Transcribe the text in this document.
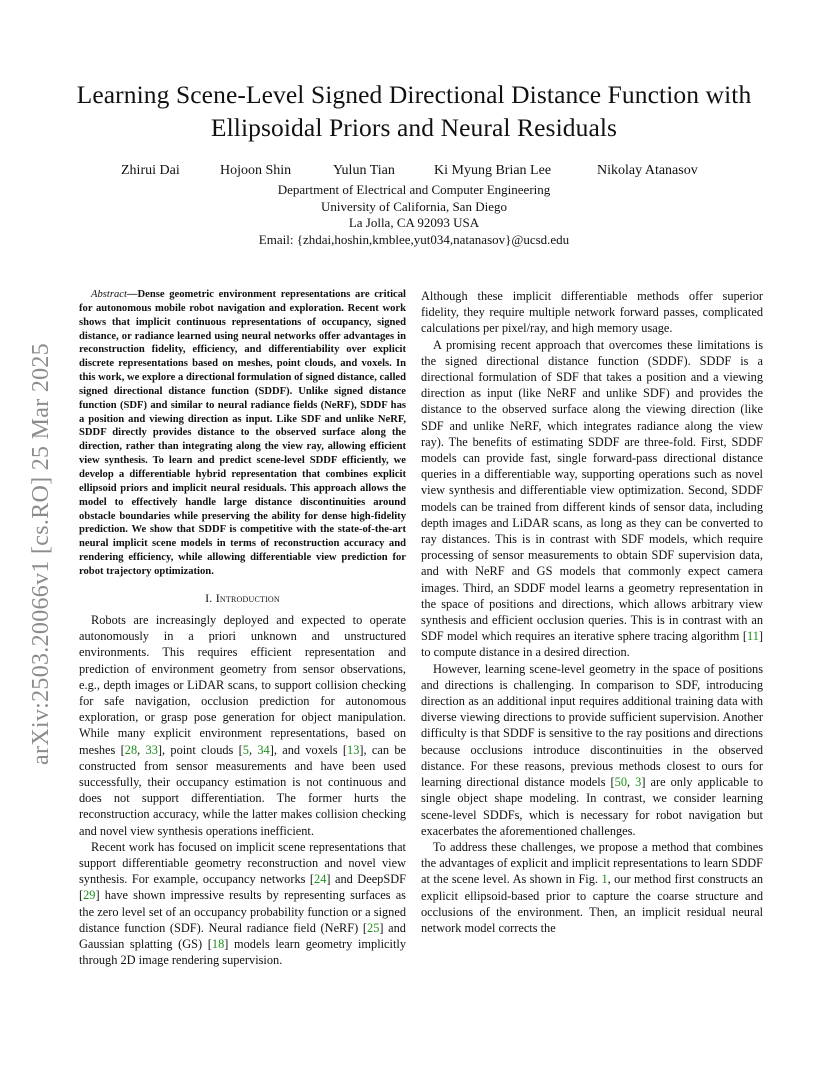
Learning Scene-Level Signed Directional Distance Function with Ellipsoidal Priors and Neural Residuals
Zhirui Dai	Hojoon Shin	Yulun Tian	Ki Myung Brian Lee	Nikolay Atanasov
Department of Electrical and Computer Engineering
University of California, San Diego
La Jolla, CA 92093 USA
Email: {zhdai,hoshin,kmblee,yut034,natanasov}@ucsd.edu
arXiv:2503.20066v1 [cs.RO] 25 Mar 2025

Abstract—Dense geometric environment representations are critical for autonomous mobile robot navigation and exploration. Recent work shows that implicit continuous representations of occupancy, signed distance, or radiance learned using neural networks offer advantages in reconstruction fidelity, efficiency, and differentiability over explicit discrete representations based on meshes, point clouds, and voxels. In this work, we explore a directional formulation of signed distance, called signed directional distance function (SDDF). Unlike signed distance function (SDF) and similar to neural radiance fields (NeRF), SDDF has a position and viewing direction as input. Like SDF and unlike NeRF, SDDF directly provides distance to the observed surface along the direction, rather than integrating along the view ray, allowing efficient view synthesis. To learn and predict scene-level SDDF efficiently, we develop a differentiable hybrid representation that combines explicit ellipsoid priors and implicit neural residuals. This approach allows the model to effectively handle large distance discontinuities around obstacle boundaries while preserving the ability for dense high-fidelity prediction. We show that SDDF is competitive with the state-of-the-art neural implicit scene models in terms of reconstruction accuracy and rendering efficiency, while allowing differentiable view prediction for robot trajectory optimization.

I. Introduction

Robots are increasingly deployed and expected to operate autonomously in a priori unknown and unstructured environments. This requires efficient representation and prediction of environment geometry from sensor observations, e.g., depth images or LiDAR scans, to support collision checking for safe navigation, occlusion prediction for autonomous exploration, or grasp pose generation for object manipulation. While many explicit environment representations, based on meshes [28, 33], point clouds [5, 34], and voxels [13], can be constructed from sensor measurements and have been used successfully, their occupancy estimation is not continuous and does not support differentiation. The former hurts the reconstruction accuracy, while the latter makes collision checking and novel view synthesis operations inefficient.

Recent work has focused on implicit scene representations that support differentiable geometry reconstruction and novel view synthesis. For example, occupancy networks [24] and DeepSDF [29] have shown impressive results by representing surfaces as the zero level set of an occupancy probability function or a signed distance function (SDF). Neural radiance field (NeRF) [25] and Gaussian splatting (GS) [18] models learn geometry implicitly through 2D image rendering supervision.

Although these implicit differentiable methods offer superior fidelity, they require multiple network forward passes, complicated calculations per pixel/ray, and high memory usage.

A promising recent approach that overcomes these limitations is the signed directional distance function (SDDF). SDDF is a directional formulation of SDF that takes a position and a viewing direction as input (like NeRF and unlike SDF) and provides the distance to the observed surface along the viewing direction (like SDF and unlike NeRF, which integrates radiance along the view ray). The benefits of estimating SDDF are three-fold. First, SDDF models can provide fast, single forward-pass directional distance queries in a differentiable way, supporting operations such as novel view synthesis and differentiable view optimization. Second, SDDF models can be trained from different kinds of sensor data, including depth images and LiDAR scans, as long as they can be converted to ray distances. This is in contrast with SDF models, which require processing of sensor measurements to obtain SDF supervision data, and with NeRF and GS models that commonly expect camera images. Third, an SDDF model learns a geometry representation in the space of positions and directions, which allows arbitrary view synthesis and efficient occlusion queries. This is in contrast with an SDF model which requires an iterative sphere tracing algorithm [11] to compute distance in a desired direction.

However, learning scene-level geometry in the space of positions and directions is challenging. In comparison to SDF, introducing direction as an additional input requires additional training data with diverse viewing directions to provide sufficient supervision. Another difficulty is that SDDF is sensitive to the ray positions and directions because occlusions introduce discontinuities in the observed distance. For these reasons, previous methods closest to ours for learning directional distance models [50, 3] are only applicable to single object shape modeling. In contrast, we consider learning scene-level SDDFs, which is necessary for robot navigation but exacerbates the aforementioned challenges.

To address these challenges, we propose a method that combines the advantages of explicit and implicit representations to learn SDDF at the scene level. As shown in Fig. 1, our method first constructs an explicit ellipsoid-based prior to capture the coarse structure and occlusions of the environment. Then, an implicit residual neural network model corrects the
